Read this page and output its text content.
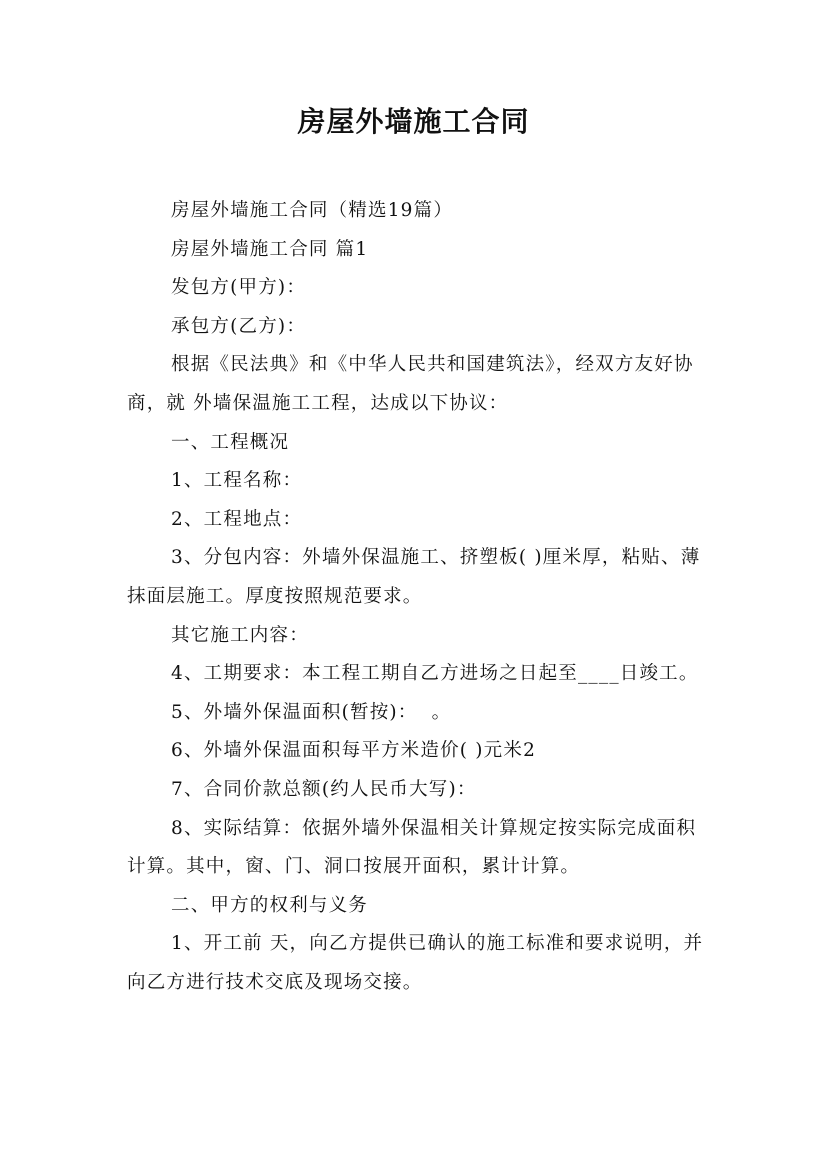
房屋外墙施工合同

房屋外墙施工合同（精选19篇）

房屋外墙施工合同 篇1

发包方(甲方)：

承包方(乙方)：

根据《民法典》和《中华人民共和国建筑法》，经双方友好协商，就 外墙保温施工工程，达成以下协议：

一、工程概况

1、工程名称：

2、工程地点：

3、分包内容：外墙外保温施工、挤塑板( )厘米厚，粘贴、薄抹面层施工。厚度按照规范要求。

其它施工内容：

4、工期要求：本工程工期自乙方进场之日起至____日竣工。

5、外墙外保温面积(暂按)：  。

6、外墙外保温面积每平方米造价( )元米2

7、合同价款总额(约人民币大写)：

8、实际结算：依据外墙外保温相关计算规定按实际完成面积计算。其中，窗、门、洞口按展开面积，累计计算。

二、甲方的权利与义务

1、开工前 天，向乙方提供已确认的施工标准和要求说明，并向乙方进行技术交底及现场交接。
